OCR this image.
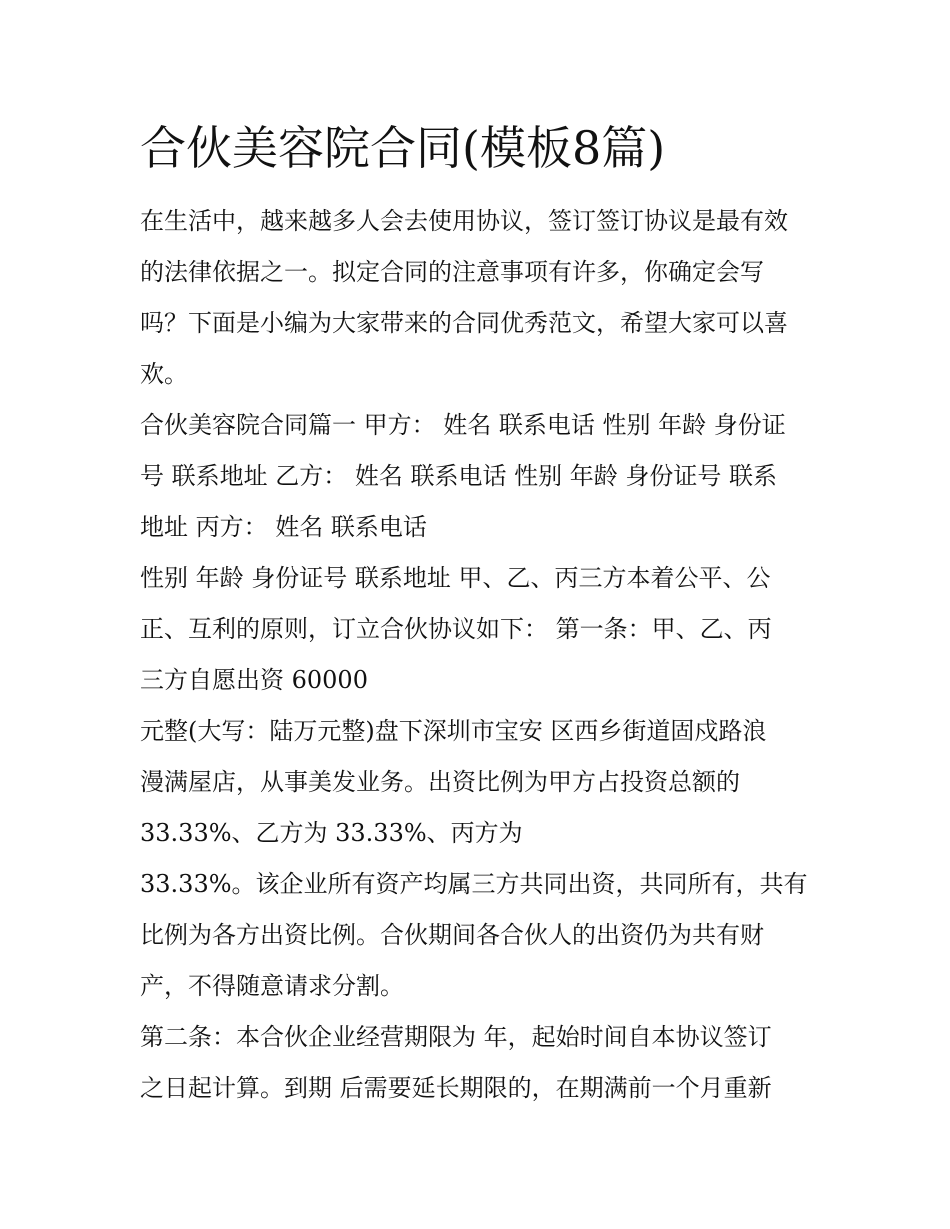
合伙美容院合同(模板8篇)
在生活中，越来越多人会去使用协议，签订签订协议是最有效
的法律依据之一。拟定合同的注意事项有许多，你确定会写
吗？下面是小编为大家带来的合同优秀范文，希望大家可以喜
欢。
合伙美容院合同篇一 甲方： 姓名 联系电话 性别 年龄 身份证
号 联系地址 乙方： 姓名 联系电话 性别 年龄 身份证号 联系
地址 丙方： 姓名 联系电话
性别 年龄 身份证号 联系地址 甲、乙、丙三方本着公平、公
正、互利的原则，订立合伙协议如下： 第一条：甲、乙、丙
三方自愿出资 60000
元整(大写：陆万元整)盘下深圳市宝安 区西乡街道固戍路浪
漫满屋店，从事美发业务。出资比例为甲方占投资总额的
33.33%、乙方为 33.33%、丙方为
33.33%。该企业所有资产均属三方共同出资，共同所有，共有
比例为各方出资比例。合伙期间各合伙人的出资仍为共有财
产，不得随意请求分割。
第二条：本合伙企业经营期限为 年，起始时间自本协议签订
之日起计算。到期 后需要延长期限的，在期满前一个月重新
